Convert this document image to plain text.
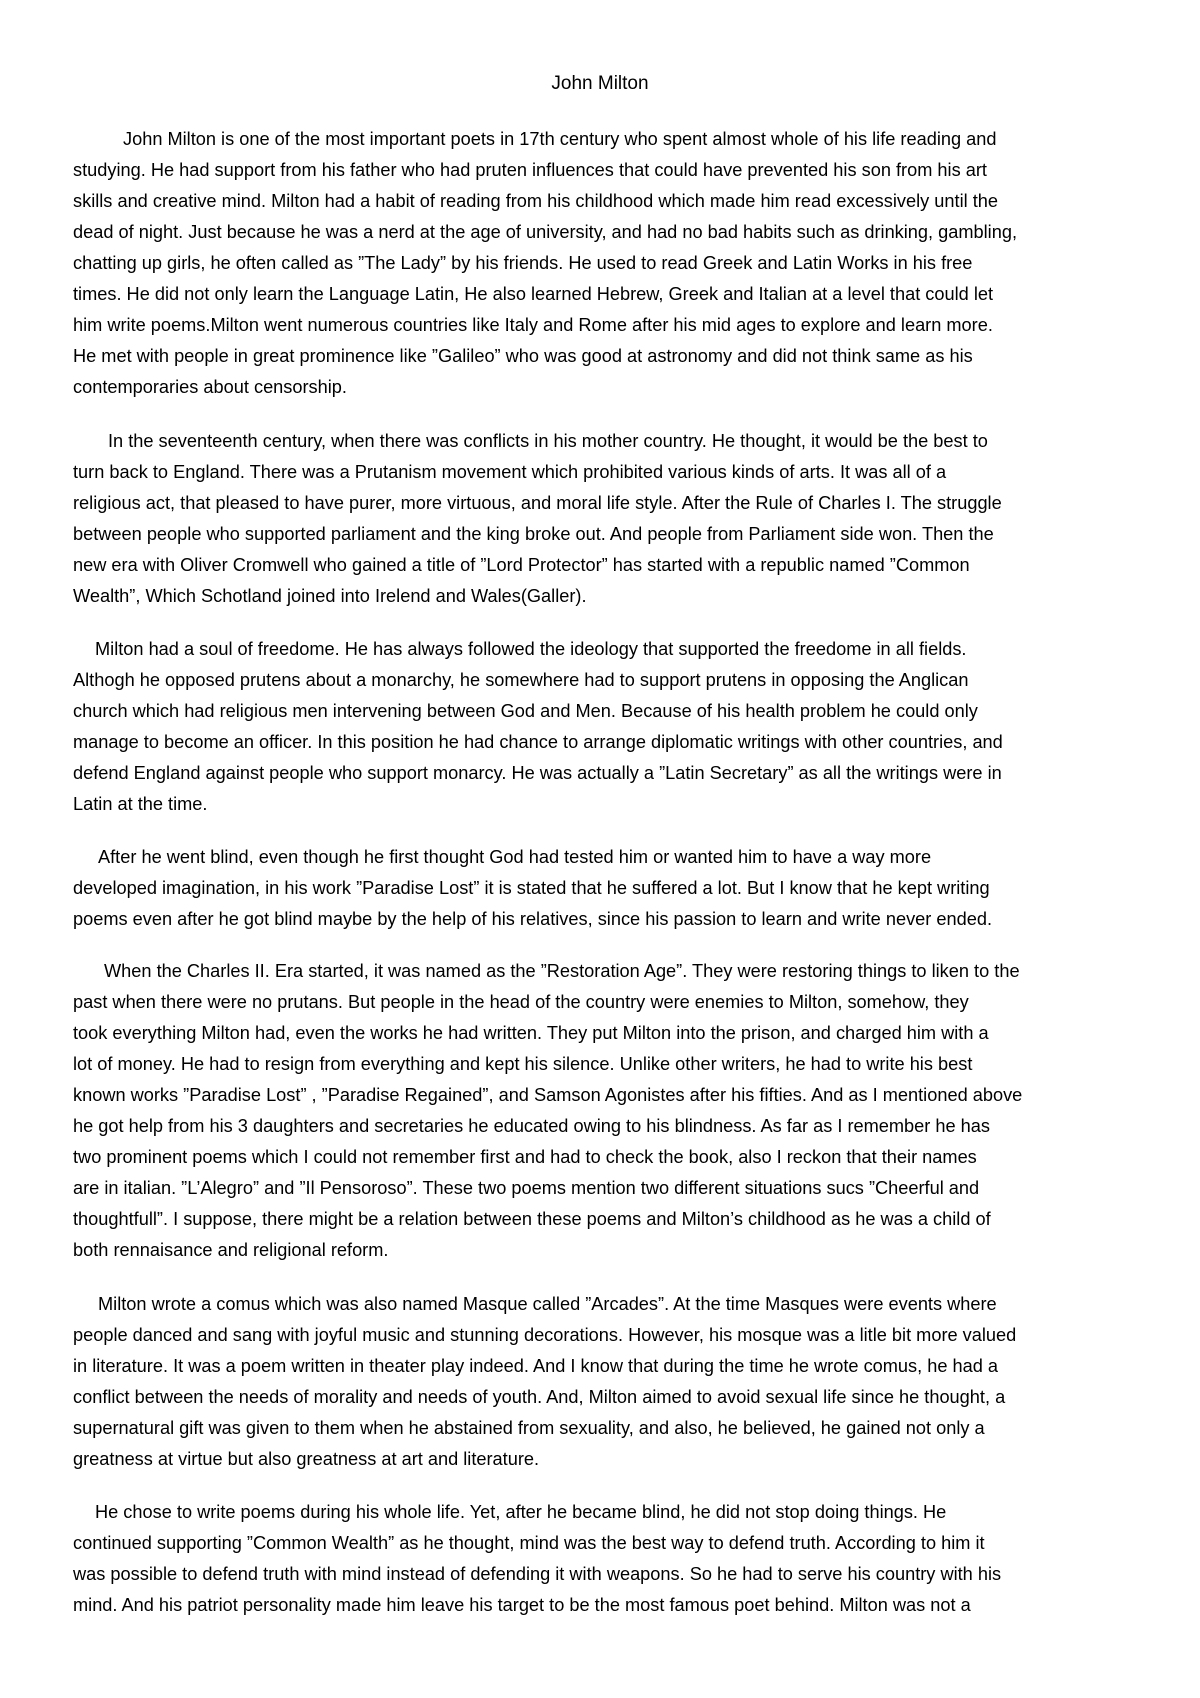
John Milton
John Milton is one of the most important poets in 17th century who spent almost whole of his life reading and
studying. He had support from his father who had pruten influences that could have prevented his son from his art
skills and creative mind. Milton had a habit of reading from his childhood which made him read excessively until the
dead of night. Just because he was a nerd at the age of university, and had no bad habits such as drinking, gambling,
chatting up girls, he often called as ”The Lady” by his friends. He used to read Greek and Latin Works in his free
times. He did not only learn the Language Latin, He also learned Hebrew, Greek and Italian at a level that could let
him write poems.Milton went numerous countries like Italy and Rome after his mid ages to explore and learn more.
He met with people in great prominence like ”Galileo” who was good at astronomy and did not think same as his
contemporaries about censorship.
In the seventeenth century, when there was conflicts in his mother country. He thought, it would be the best to
turn back to England. There was a Prutanism movement which prohibited various kinds of arts. It was all of a
religious act, that pleased to have purer, more virtuous, and moral life style. After the Rule of Charles I. The struggle
between people who supported parliament and the king broke out. And people from Parliament side won. Then the
new era with Oliver Cromwell who gained a title of ”Lord Protector” has started with a republic named ”Common
Wealth”, Which Schotland joined into Irelend and Wales(Galler).
Milton had a soul of freedome. He has always followed the ideology that supported the freedome in all fields.
Althogh he opposed prutens about a monarchy, he somewhere had to support prutens in opposing the Anglican
church which had religious men intervening between God and Men. Because of his health problem he could only
manage to become an officer. In this position he had chance to arrange diplomatic writings with other countries, and
defend England against people who support monarcy. He was actually a ”Latin Secretary” as all the writings were in
Latin at the time.
After he went blind, even though he first thought God had tested him or wanted him to have a way more
developed imagination, in his work ”Paradise Lost” it is stated that he suffered a lot. But I know that he kept writing
poems even after he got blind maybe by the help of his relatives, since his passion to learn and write never ended.
When the Charles II. Era started, it was named as the ”Restoration Age”. They were restoring things to liken to the
past when there were no prutans. But people in the head of the country were enemies to Milton, somehow, they
took everything Milton had, even the works he had written. They put Milton into the prison, and charged him with a
lot of money. He had to resign from everything and kept his silence. Unlike other writers, he had to write his best
known works ”Paradise Lost” , ”Paradise Regained”, and Samson Agonistes after his fifties. And as I mentioned above
he got help from his 3 daughters and secretaries he educated owing to his blindness. As far as I remember he has
two prominent poems which I could not remember first and had to check the book, also I reckon that their names
are in italian. ”L’Alegro” and ”Il Pensoroso”. These two poems mention two different situations sucs ”Cheerful and
thoughtfull”. I suppose, there might be a relation between these poems and Milton’s childhood as he was a child of
both rennaisance and religional reform.
Milton wrote a comus which was also named Masque called ”Arcades”. At the time Masques were events where
people danced and sang with joyful music and stunning decorations. However, his mosque was a litle bit more valued
in literature. It was a poem written in theater play indeed. And I know that during the time he wrote comus, he had a
conflict between the needs of morality and needs of youth. And, Milton aimed to avoid sexual life since he thought, a
supernatural gift was given to them when he abstained from sexuality, and also, he believed, he gained not only a
greatness at virtue but also greatness at art and literature.
He chose to write poems during his whole life. Yet, after he became blind, he did not stop doing things. He
continued supporting ”Common Wealth” as he thought, mind was the best way to defend truth. According to him it
was possible to defend truth with mind instead of defending it with weapons. So he had to serve his country with his
mind. And his patriot personality made him leave his target to be the most famous poet behind. Milton was not a
